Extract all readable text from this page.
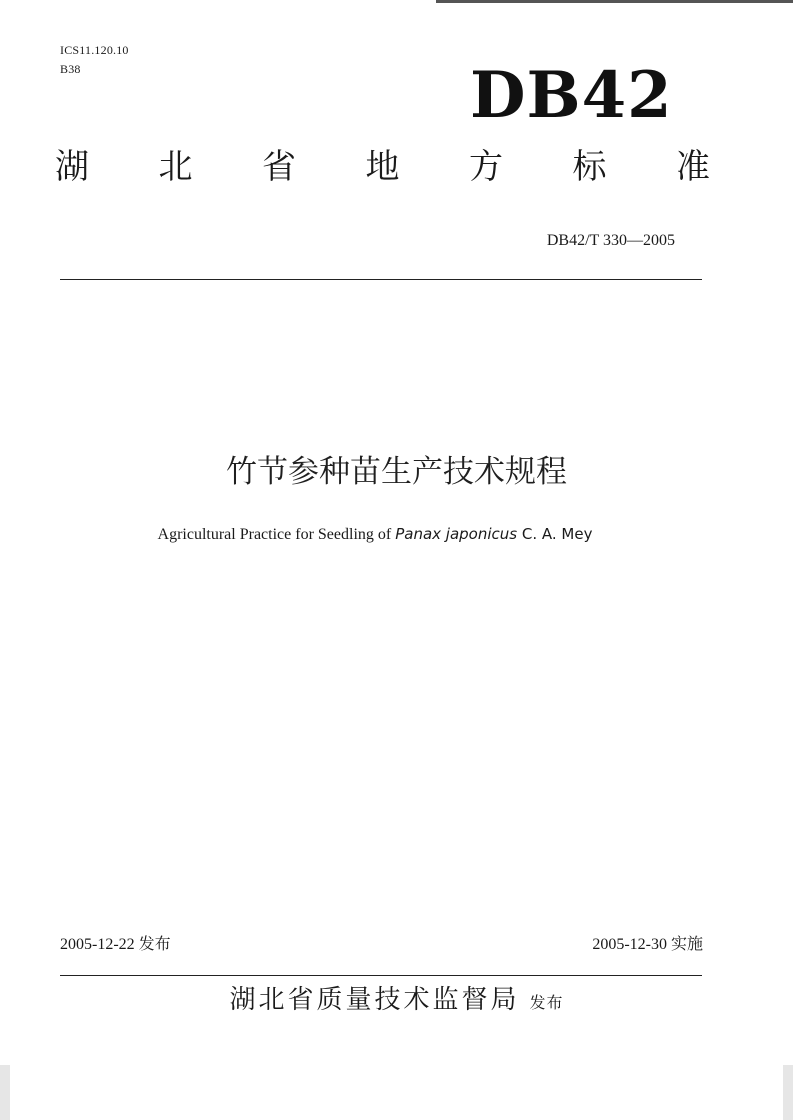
ICS11.120.10
B38	DB42
湖 北 省 地 方 标 准
DB42/T 330—2005
竹节参种苗生产技术规程
Agricultural Practice for Seedling of Panax japonicus C. A. Mey
2005-12-22 发布	2005-12-30 实施
湖北省质量技术监督局 发布
